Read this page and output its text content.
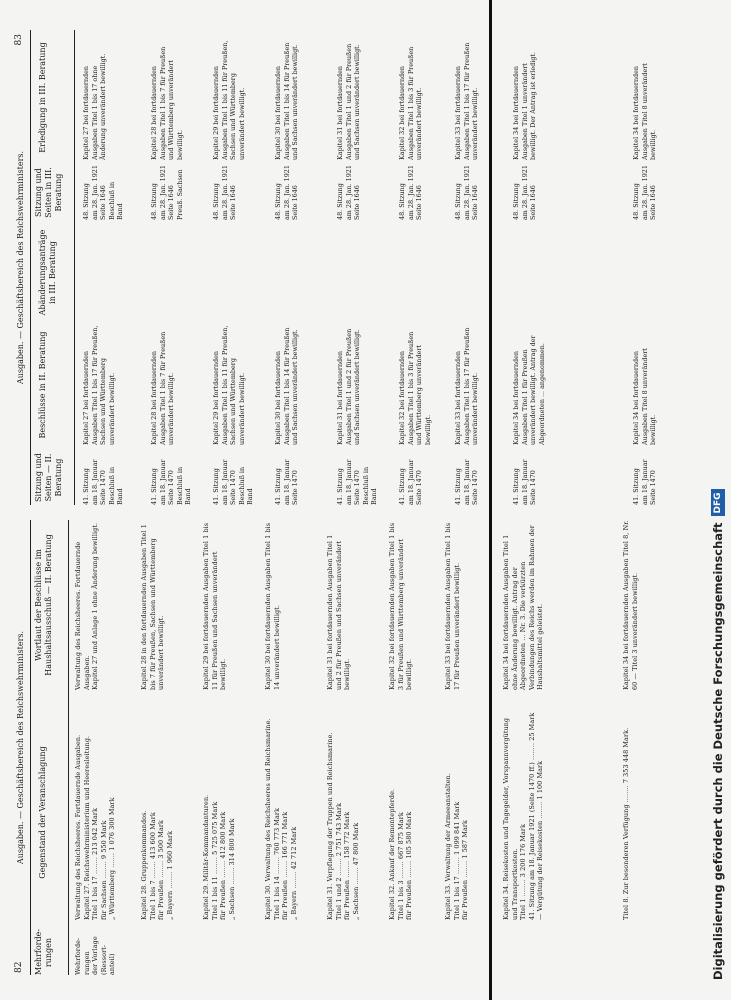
82
Ausgaben. — Geschäftsbereich des Reichswehrministers.
Mehrforde- rungen
Gegenstand der Veranschlagung
Wortlaut der Beschlüsse im Haushaltsausschuß — II. Beratung
Wehrforde-
rungen
der Vorlage
(Ressort-
anteil)
Verwaltung des Reichsheeres. Fortdauernde Ausgaben.
Kapitel 27. Reichswehrministerium und Heeresleitung.
Titel 1 bis 17 ........ 213 042 Mark
für Sachsen ........ 9 550 Mark
„ Württemberg ....... 1 076 300 Mark
Verwaltung des Reichsheeres. Fortdauernde Ausgaben.
Kapitel 27 und Anlage 1 ohne Änderung bewilligt.
Kapitel 28. Gruppenkommandos.
Titel 1 bis 7 ........ 413 600 Mark
für Preußen ........ 3 500 Mark
„ Bayern ........ 1 960 Mark
Kapitel 28 in den fortdauernden Ausgaben Titel 1 bis 7 für Preußen, Sachsen und Württemberg unverändert bewilligt.
Kapitel 29. Militär-Kommandanturen.
Titel 1 bis 11 ........ 5 725 075 Mark
für Preußen ........ 412 800 Mark
„ Sachsen ........ 314 800 Mark
Kapitel 29 bei fortdauernden Ausgaben Titel 1 bis 11 für Preußen und Sachsen unverändert bewilligt.
Kapitel 30. Verwaltung des Reichsheeres und Reichsmarine.
Titel 1 bis 14 ........ 760 773 Mark
für Preußen ........ 166 771 Mark
„ Bayern ........ 42 712 Mark
Kapitel 30 bei fortdauernden Ausgaben Titel 1 bis 14 unverändert bewilligt.
Kapitel 31. Verpflegung der Truppen und Reichsmarine.
Titel 1 und 2 ........ 2 751 743 Mark
für Preußen ........ 158 772 Mark
„ Sachsen ........ 47 800 Mark
Kapitel 31 bei fortdauernden Ausgaben Titel 1 und 2 für Preußen und Sachsen unverändert bewilligt.
Kapitel 32. Ankauf der Remontepferde.
Titel 1 bis 3 ........ 667 875 Mark
für Preußen ........ 105 580 Mark
Kapitel 32 bei fortdauernden Ausgaben Titel 1 bis 3 für Preußen und Württemberg unverändert bewilligt.
Kapitel 33. Verwaltung der Armeeanstalten.
Titel 1 bis 17 ........ 1 099 841 Mark
für Preußen ........ 1 587 Mark
Kapitel 33 bei fortdauernden Ausgaben Titel 1 bis 17 für Preußen unverändert bewilligt.
Kapitel 34. Reisekosten und Tagegelder, Vorspannvergütung und Transportkosten.
Titel 1 ........ 3 200 176 Mark
41. Sitzung am 18. Januar 1921 (Seite 1470 ff.) ........ 25 Mark
— Vergütung der Reisekosten ........ 1 100 Mark
Kapitel 34 bei fortdauernden Ausgaben Titel 1 ohne Änderung bewilligt. Antrag der Abgeordneten ... Nr. 3. Die verkürzten Verbindungen des Reichs werden im Rahmen der Haushaltsmittel geleistet.
Titel 8. Zur besonderen Verfügung ........ 7 353 448 Mark.
Kapitel 34 bei fortdauernden Ausgaben Titel 8, Nr. 60 — Titel 3 unverändert bewilligt.
83
Ausgaben. — Geschäftsbereich des Reichswehrministers.
Sitzung und Seiten — II. Beratung
Beschlüsse in II. Beratung
Abänderungsanträge in III. Beratung
Sitzung und Seiten in III. Beratung
Erledigung in III. Beratung
41. Sitzung
am 18. Januar
Seite 1470
Beschluß in
Band
Kapitel 27 bei fortdauernden Ausgaben Titel 1 bis 17 für Preußen, Sachsen und Württemberg unverändert bewilligt.
48. Sitzung
am 28. Jan. 1921
Seite 1646
Beschluß in Band
Kapitel 27 bei fortdauernden Ausgaben Titel 1 bis 17 ohne Änderung unverändert bewilligt.
41. Sitzung
am 18. Januar
Seite 1470
Beschluß in
Band
Kapitel 28 bei fortdauernden Ausgaben Titel 1 bis 7 für Preußen unverändert bewilligt.
48. Sitzung
am 28. Jan. 1921
Seite 1646
Preuß. Sachsen
Kapitel 28 bei fortdauernden Ausgaben Titel 1 bis 7 für Preußen und Württemberg unverändert bewilligt.
41. Sitzung
am 18. Januar
Seite 1470
Beschluß in
Band
Kapitel 29 bei fortdauernden Ausgaben Titel 1 bis 11 für Preußen, Sachsen und Württemberg unverändert bewilligt.
48. Sitzung
am 28. Jan. 1921
Seite 1646
Kapitel 29 bei fortdauernden Ausgaben Titel 1 bis 11 für Preußen, Sachsen und Württemberg unverändert bewilligt.
41. Sitzung
am 18. Januar
Seite 1470
Kapitel 30 bei fortdauernden Ausgaben Titel 1 bis 14 für Preußen und Sachsen unverändert bewilligt.
48. Sitzung
am 28. Jan. 1921
Seite 1646
Kapitel 30 bei fortdauernden Ausgaben Titel 1 bis 14 für Preußen und Sachsen unverändert bewilligt.
41. Sitzung
am 18. Januar
Seite 1470
Beschluß in
Band
Kapitel 31 bei fortdauernden Ausgaben Titel 1 und 2 für Preußen und Sachsen unverändert bewilligt.
48. Sitzung
am 28. Jan. 1921
Seite 1646
Kapitel 31 bei fortdauernden Ausgaben Titel 1 und 2 für Preußen und Sachsen unverändert bewilligt.
41. Sitzung
am 18. Januar
Seite 1470
Kapitel 32 bei fortdauernden Ausgaben Titel 1 bis 3 für Preußen und Württemberg unverändert bewilligt.
48. Sitzung
am 28. Jan. 1921
Seite 1646
Kapitel 32 bei fortdauernden Ausgaben Titel 1 bis 3 für Preußen unverändert bewilligt.
41. Sitzung
am 18. Januar
Seite 1470
Kapitel 33 bei fortdauernden Ausgaben Titel 1 bis 17 für Preußen unverändert bewilligt.
48. Sitzung
am 28. Jan. 1921
Seite 1646
Kapitel 33 bei fortdauernden Ausgaben Titel 1 bis 17 für Preußen unverändert bewilligt.
41. Sitzung
am 18. Januar
Seite 1470
Kapitel 34 bei fortdauernden Ausgaben Titel 1 für Preußen unverändert bewilligt. Antrag der Abgeordneten ... angenommen.
48. Sitzung
am 28. Jan. 1921
Seite 1646
Kapitel 34 bei fortdauernden Ausgaben Titel 1 unverändert bewilligt. Der Antrag ist erledigt.
41. Sitzung
am 18. Januar
Seite 1470
Kapitel 34 bei fortdauernden Ausgaben Titel 8 unverändert bewilligt.
48. Sitzung
am 28. Jan. 1921
Seite 1646
Kapitel 34 bei fortdauernden Ausgaben Titel 8 unverändert bewilligt.
Digitalisierung gefördert durch die Deutsche Forschungsgemeinschaft
DFG
